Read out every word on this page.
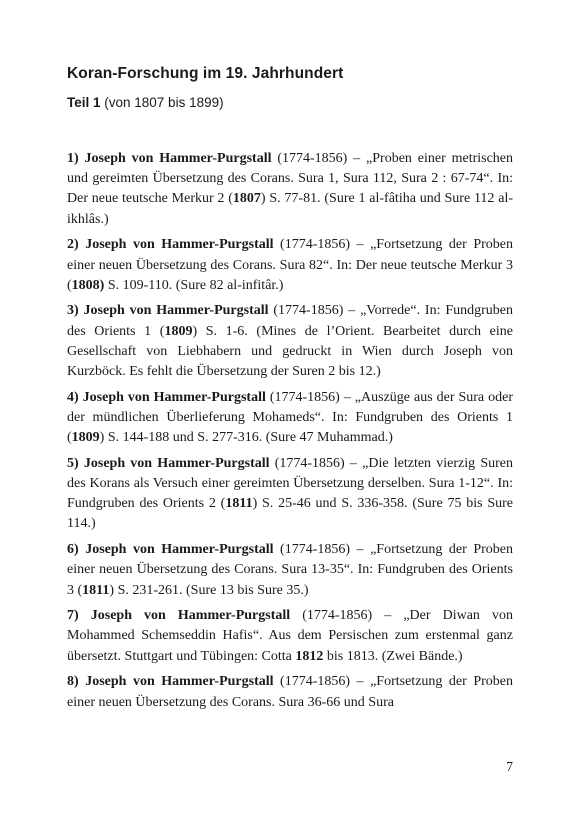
Koran-Forschung im 19. Jahrhundert

Teil 1 (von 1807 bis 1899)

1) Joseph von Hammer-Purgstall (1774-1856) – „Proben einer metrischen und gereimten Übersetzung des Corans. Sura 1, Sura 112, Sura 2 : 67-74“. In: Der neue teutsche Merkur 2 (1807) S. 77-81. (Sure 1 al-fâtiha und Sure 112 al-ikhlâs.)

2) Joseph von Hammer-Purgstall (1774-1856) – „Fortsetzung der Proben einer neuen Übersetzung des Corans. Sura 82“. In: Der neue teutsche Merkur 3 (1808) S. 109-110. (Sure 82 al-infitâr.)

3) Joseph von Hammer-Purgstall (1774-1856) – „Vorrede“. In: Fundgruben des Orients 1 (1809) S. 1-6. (Mines de l’Orient. Bearbeitet durch eine Gesellschaft von Liebhabern und gedruckt in Wien durch Joseph von Kurzböck. Es fehlt die Übersetzung der Suren 2 bis 12.)

4) Joseph von Hammer-Purgstall (1774-1856) – „Auszüge aus der Sura oder der mündlichen Überlieferung Mohameds“. In: Fundgruben des Orients 1 (1809) S. 144-188 und S. 277-316. (Sure 47 Muhammad.)

5) Joseph von Hammer-Purgstall (1774-1856) – „Die letzten vierzig Suren des Korans als Versuch einer gereimten Übersetzung derselben. Sura 1-12“. In: Fundgruben des Orients 2 (1811) S. 25-46 und S. 336-358. (Sure 75 bis Sure 114.)

6) Joseph von Hammer-Purgstall (1774-1856) – „Fortsetzung der Proben einer neuen Übersetzung des Corans. Sura 13-35“. In: Fundgruben des Orients 3 (1811) S. 231-261. (Sure 13 bis Sure 35.)

7) Joseph von Hammer-Purgstall (1774-1856) – „Der Diwan von Mohammed Schemseddin Hafis“. Aus dem Persischen zum erstenmal ganz übersetzt. Stuttgart und Tübingen: Cotta 1812 bis 1813. (Zwei Bände.)

8) Joseph von Hammer-Purgstall (1774-1856) – „Fortsetzung der Proben einer neuen Übersetzung des Corans. Sura 36-66 und Sura

7
